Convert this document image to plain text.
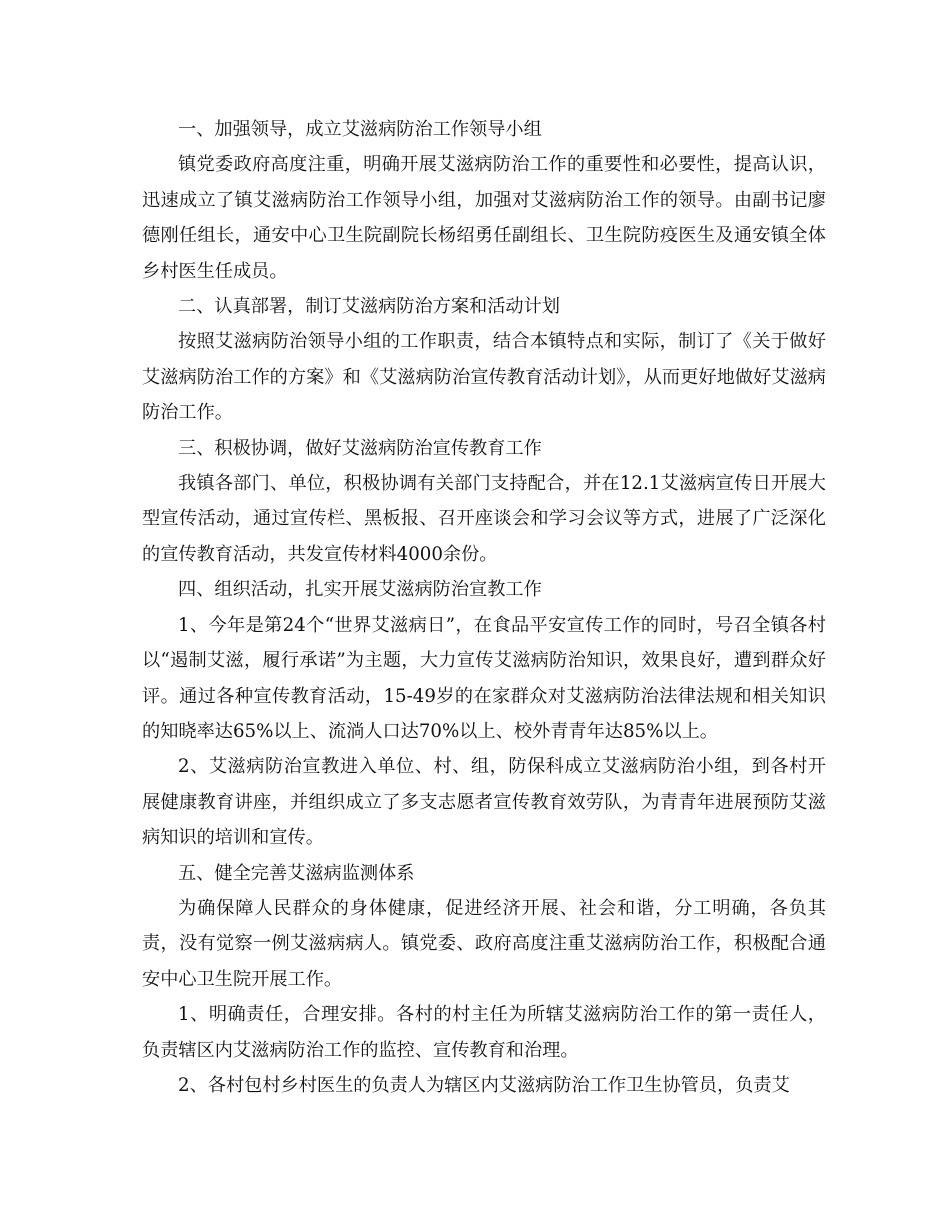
一、加强领导，成立艾滋病防治工作领导小组

镇党委政府高度注重，明确开展艾滋病防治工作的重要性和必要性，提高认识，迅速成立了镇艾滋病防治工作领导小组，加强对艾滋病防治工作的领导。由副书记廖德刚任组长，通安中心卫生院副院长杨绍勇任副组长、卫生院防疫医生及通安镇全体乡村医生任成员。

二、认真部署，制订艾滋病防治方案和活动计划

按照艾滋病防治领导小组的工作职责，结合本镇特点和实际，制订了《关于做好艾滋病防治工作的方案》和《艾滋病防治宣传教育活动计划》，从而更好地做好艾滋病防治工作。

三、积极协调，做好艾滋病防治宣传教育工作

我镇各部门、单位，积极协调有关部门支持配合，并在12.1艾滋病宣传日开展大型宣传活动，通过宣传栏、黑板报、召开座谈会和学习会议等方式，进展了广泛深化的宣传教育活动，共发宣传材料4000余份。

四、组织活动，扎实开展艾滋病防治宣教工作

1、今年是第24个“世界艾滋病日”，在食品平安宣传工作的同时，号召全镇各村以“遏制艾滋，履行承诺”为主题，大力宣传艾滋病防治知识，效果良好，遭到群众好评。通过各种宣传教育活动，15-49岁的在家群众对艾滋病防治法律法规和相关知识的知晓率达65%以上、流淌人口达70%以上、校外青青年达85%以上。

2、艾滋病防治宣教进入单位、村、组，防保科成立艾滋病防治小组，到各村开展健康教育讲座，并组织成立了多支志愿者宣传教育效劳队，为青青年进展预防艾滋病知识的培训和宣传。

五、健全完善艾滋病监测体系

为确保障人民群众的身体健康，促进经济开展、社会和谐，分工明确，各负其责，没有觉察一例艾滋病病人。镇党委、政府高度注重艾滋病防治工作，积极配合通安中心卫生院开展工作。

1、明确责任，合理安排。各村的村主任为所辖艾滋病防治工作的第一责任人，负责辖区内艾滋病防治工作的监控、宣传教育和治理。

2、各村包村乡村医生的负责人为辖区内艾滋病防治工作卫生协管员，负责艾
